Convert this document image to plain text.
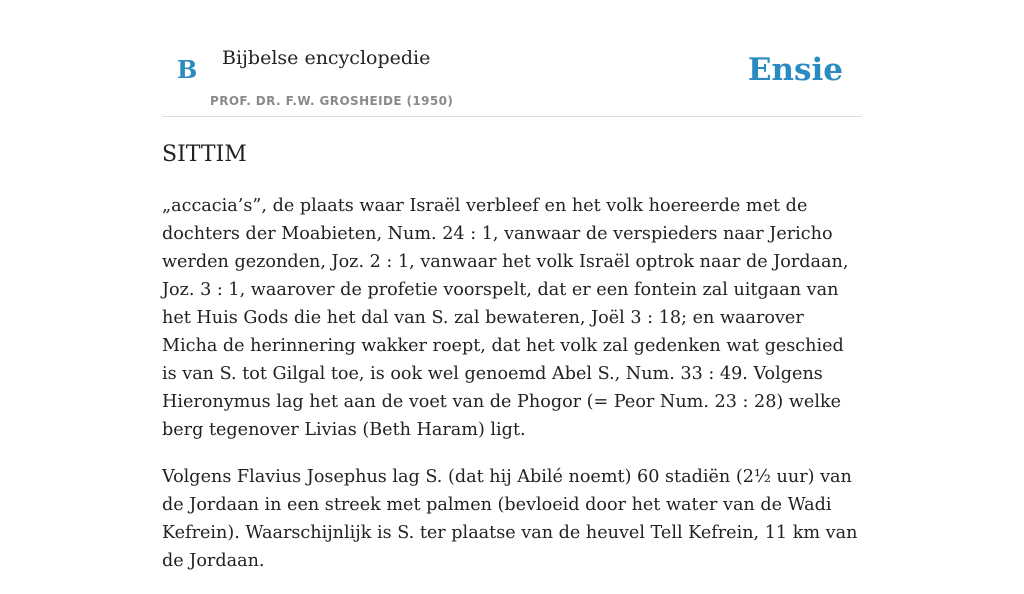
B Bijbelse encyclopedie
PROF. DR. F.W. GROSHEIDE (1950)
Ensie
SITTIM

„accacia’s”, de plaats waar Israël verbleef en het volk hoereerde met de dochters der Moabieten, Num. 24 : 1, vanwaar de verspieders naar Jericho werden gezonden, Joz. 2 : 1, vanwaar het volk Israël optrok naar de Jordaan, Joz. 3 : 1, waarover de profetie voorspelt, dat er een fontein zal uitgaan van het Huis Gods die het dal van S. zal bewateren, Joël 3 : 18; en waarover Micha de herinnering wakker roept, dat het volk zal gedenken wat geschied is van S. tot Gilgal toe, is ook wel genoemd Abel S., Num. 33 : 49. Volgens Hieronymus lag het aan de voet van de Phogor (= Peor Num. 23 : 28) welke berg tegenover Livias (Beth Haram) ligt.

Volgens Flavius Josephus lag S. (dat hij Abilé noemt) 60 stadiën (2½ uur) van de Jordaan in een streek met palmen (bevloeid door het water van de Wadi Kefrein). Waarschijnlijk is S. ter plaatse van de heuvel Tell Kefrein, 11 km van de Jordaan.
